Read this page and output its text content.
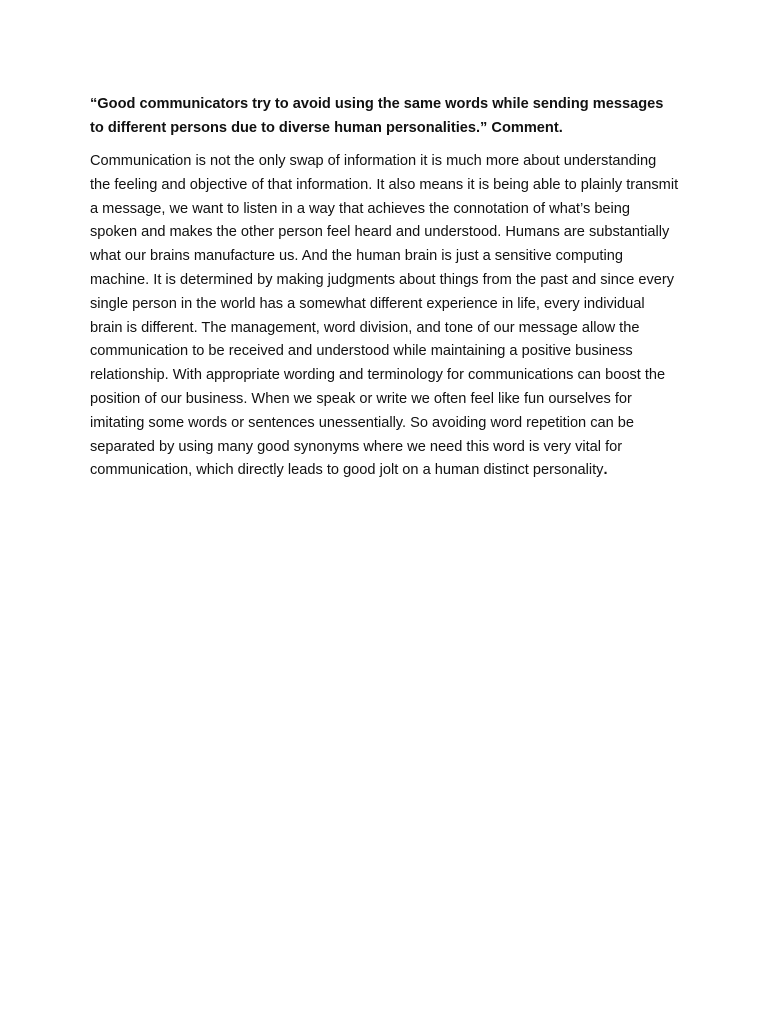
“Good communicators try to avoid using the same words while sending messages to different persons due to diverse human personalities.” Comment.

Communication is not the only swap of information it is much more about understanding the feeling and objective of that information. It also means it is being able to plainly transmit a message, we want to listen in a way that achieves the connotation of what’s being spoken and makes the other person feel heard and understood. Humans are substantially what our brains manufacture us. And the human brain is just a sensitive computing machine. It is determined by making judgments about things from the past and since every single person in the world has a somewhat different experience in life, every individual brain is different. The management, word division, and tone of our message allow the communication to be received and understood while maintaining a positive business relationship. With appropriate wording and terminology for communications can boost the position of our business. When we speak or write we often feel like fun ourselves for imitating some words or sentences unessentially. So avoiding word repetition can be separated by using many good synonyms where we need this word is very vital for communication, which directly leads to good jolt on a human distinct personality.
